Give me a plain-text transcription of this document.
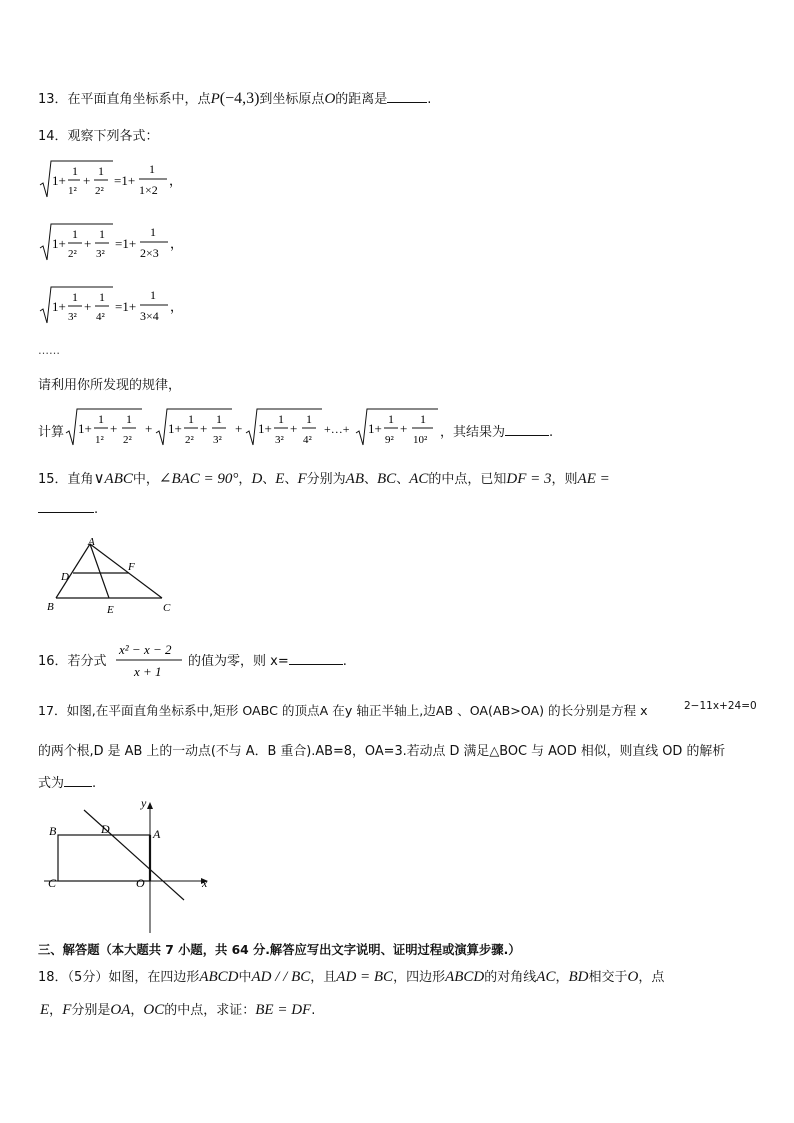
13．在平面直角坐标系中，点P(−4,3)到坐标原点O的距离是	.
14．观察下列各式：
1+
1
1²
+
1
2²
=1+
1
1×2
，
1+
1
2²
+
1
3²
=1+
1
2×3
，
1+
1
3²
+
1
4²
=1+
1
3×4
，
……
请利用你所发现的规律，
计算 1+
1
1²
+
1
2²
+ 1+
1
2²
+
1
3²
+ 1+
1
3²
+
1
4²
+…+ 1+
1
9²
+
1
10² ，其结果为	.
15．直角∨ABC中，∠BAC = 90°，D、E、F分别为AB、BC、AC的中点，已知DF = 3，则AE =
.
A
D
F
B	E	C
16．若分式
x² − x − 2
x + 1
的值为零，则 x=	.
17．如图,在平面直角坐标系中,矩形 OABC 的顶点A 在y 轴正半轴上,边AB 、OA(AB>OA) 的长分别是方程 x	2−11x+24=0
的两个根,D 是 AB 上的一动点(不与 A．B 重合).AB=8，OA=3.若动点 D 满足△BOC 与 AOD 相似，则直线 OD 的解析
式为 .
B	D	A
C	O	x
y
三、解答题（本大题共 7 小题，共 64 分.解答应写出文字说明、证明过程或演算步骤.）
18．（5分）如图，在四边形ABCD中AD / / BC，且AD = BC，四边形ABCD的对角线AC，BD相交于O，点
E，F分别是OA，OC的中点，求证：BE = DF.
